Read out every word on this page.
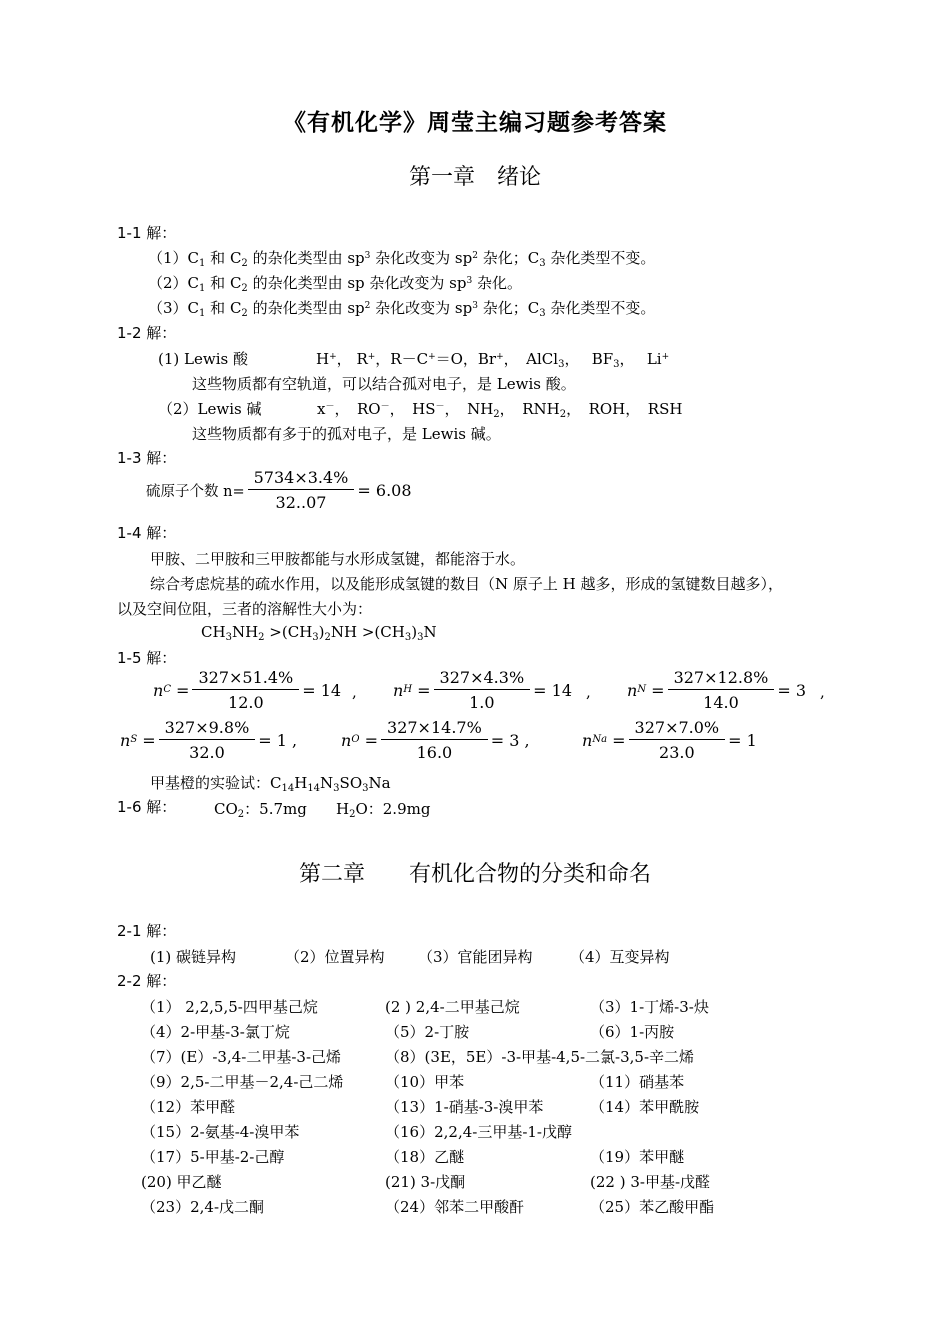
《有机化学》周莹主编习题参考答案
第一章　绪论
1-1 解：
$(1)C_1$ 和 $C_2$ 的杂化类型由 $sp^3$ 杂化改变为 $sp^2$ 杂化；$C_3$ 杂化类型不变。
$(2)C_1$ 和 $C_2$ 的杂化类型由 sp 杂化改变为 $sp^3$ 杂化。
$(3)C_1$ 和 $C_2$ 的杂化类型由 $sp^2$ 杂化改变为 $sp^3$ 杂化；$C_3$ 杂化类型不变。
1-2 解：
(1) Lewis 酸	H+， R+，R－C+＝O，Br+，　AlCl$_3$，　 $BF_3$，　 Li+
这些物质都有空轨道，可以结合孤对电子，是 Lewis 酸。
（2）Lewis 碱	x－，　 RO－，　 HS－，　 $NH_2$，　 $RNH_2$，　 ROH，　 RSH
这些物质都有多于的孤对电子，是 Lewis 碱。
1-3 解：
硫原子个数 $n= \frac{5734\times 3.4\%}{32..07} = 6.08$
1-4 解：
甲胺、二甲胺和三甲胺都能与水形成氢键，都能溶于水。
综合考虑烷基的疏水作用，以及能形成氢键的数目（N 原子上 H 越多，形成的氢键数目越多），
以及空间位阻，三者的溶解性大小为：
$CH_3NH_2 >(CH_3)_2NH >(CH_3)_3N$
1-5 解：
n $C = \frac{327\times 51.4\%}{12.0} = 14$ , n $H = \frac{327\times 4.3\%}{1.0} = 14$ , n $N = \frac{327\times 12.8\%}{14.0} = 3$ ,
n $S = \frac{327\times 9.8\%}{32.0} = 1$ ,	n $O = \frac{327\times 14.7\%}{16.0} = 3$ ,	n $Na = \frac{327\times 7.0\%}{23.0} = 1$
甲基橙的实验试：$C_{14}H_{14}N_3SO_3Na$
1-6 解：	$CO_2$：5.7mg $H_2O$：2.9mg
第二章　　有机化合物的分类和命名
2-1 解：
(1) 碳链异构	（2）位置异构 （3）官能团异构 （4）互变异构
2-2 解：
（1） 2,2,5,5-四甲基己烷	(2 ) 2,4-二甲基己烷	（3）1-丁烯-3-炔
（4）2-甲基-3-氯丁烷	（5）2-丁胺	（6）1-丙胺
（7）(E）-3,4-二甲基-3-己烯	（8）(3E，5E）-3-甲基-4,5-二氯-3,5-辛二烯
（9）2,5-二甲基－2,4-己二烯	（10）甲苯	（11）硝基苯
（12）苯甲醛	（13）1-硝基-3-溴甲苯	（14）苯甲酰胺
（15）2-氨基-4-溴甲苯	（16）2,2,4-三甲基-1-戊醇
（17）5-甲基-2-己醇	（18）乙醚	（19）苯甲醚
(20) 甲乙醚	(21) 3-戊酮	(22 ) 3-甲基-戊醛
（23）2,4-戊二酮	（24）邻苯二甲酸酐	（25）苯乙酸甲酯
